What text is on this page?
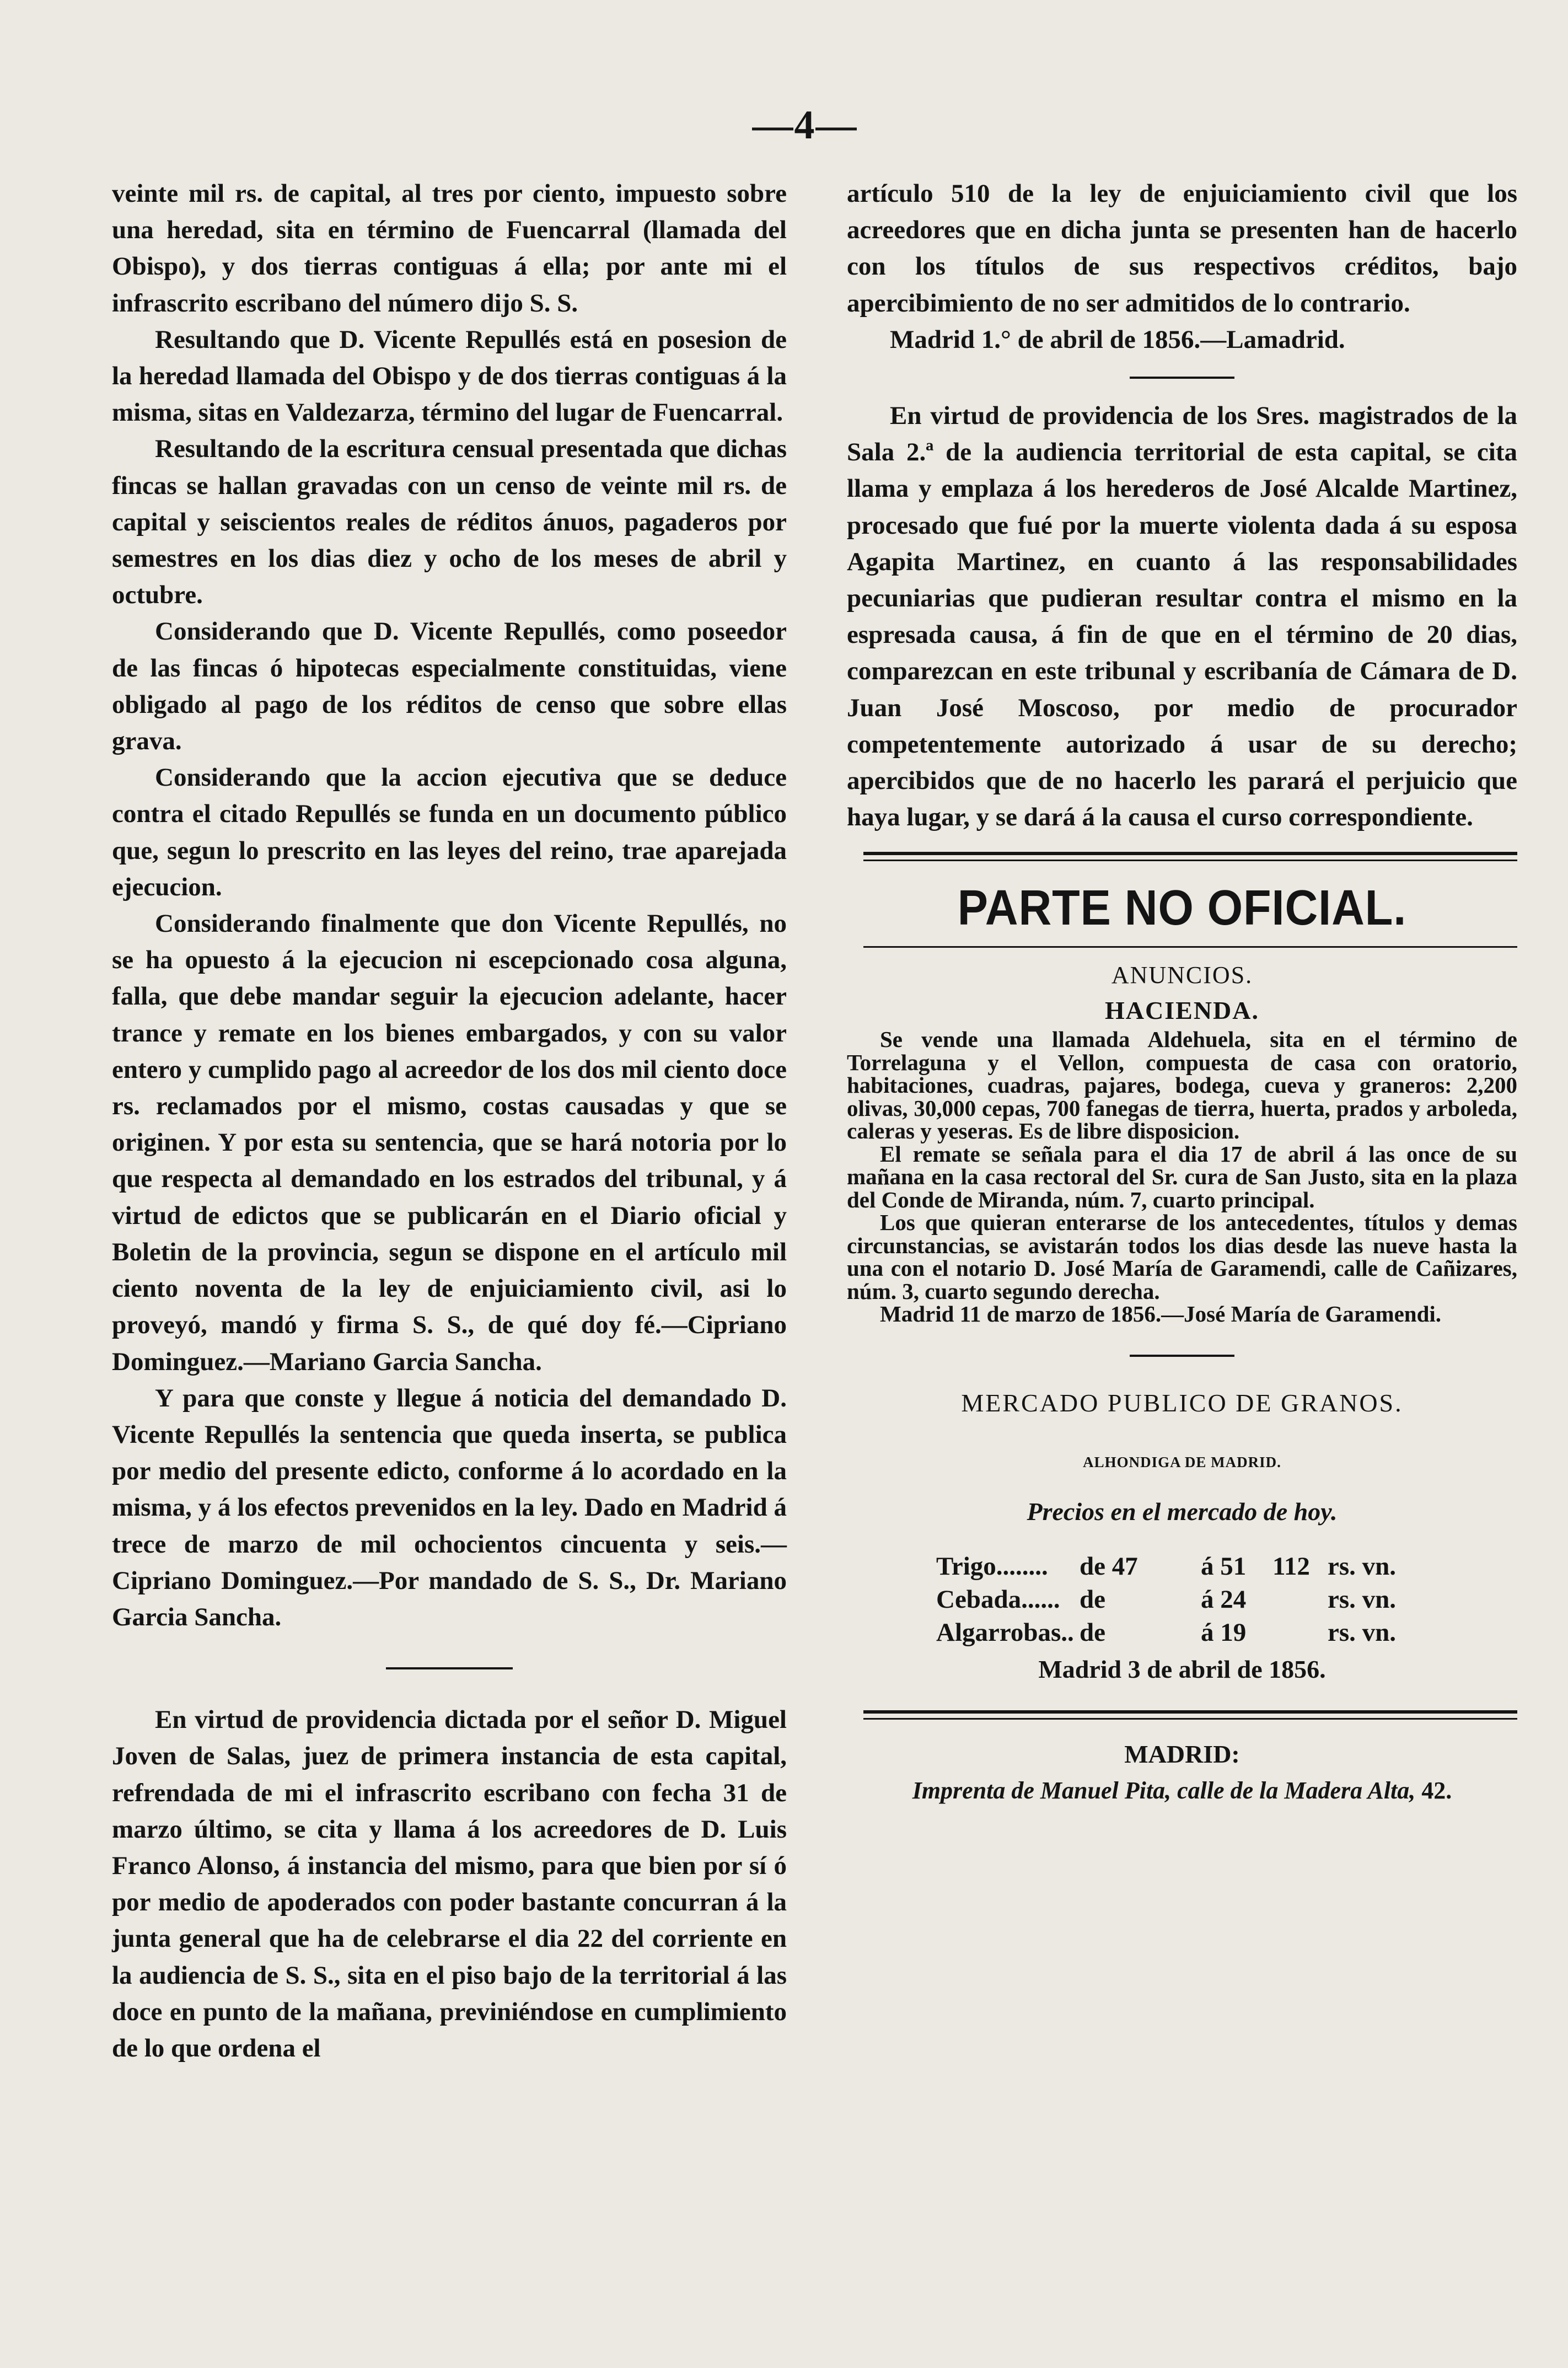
—4—

veinte mil rs. de capital, al tres por ciento, impuesto sobre una heredad, sita en término de Fuencarral (llamada del Obispo), y dos tierras contiguas á ella; por ante mi el infrascrito escribano del número dijo S. S.

Resultando que D. Vicente Repullés está en posesion de la heredad llamada del Obispo y de dos tierras contiguas á la misma, sitas en Valdezarza, término del lugar de Fuencarral.

Resultando de la escritura censual presentada que dichas fincas se hallan gravadas con un censo de veinte mil rs. de capital y seiscientos reales de réditos ánuos, pagaderos por semestres en los dias diez y ocho de los meses de abril y octubre.

Considerando que D. Vicente Repullés, como poseedor de las fincas ó hipotecas especialmente constituidas, viene obligado al pago de los réditos de censo que sobre ellas grava.

Considerando que la accion ejecutiva que se deduce contra el citado Repullés se funda en un documento público que, segun lo prescrito en las leyes del reino, trae aparejada ejecucion.

Considerando finalmente que don Vicente Repullés, no se ha opuesto á la ejecucion ni escepcionado cosa alguna, falla, que debe mandar seguir la ejecucion adelante, hacer trance y remate en los bienes embargados, y con su valor entero y cumplido pago al acreedor de los dos mil ciento doce rs. reclamados por el mismo, costas causadas y que se originen. Y por esta su sentencia, que se hará notoria por lo que respecta al demandado en los estrados del tribunal, y á virtud de edictos que se publicarán en el Diario oficial y Boletin de la provincia, segun se dispone en el artículo mil ciento noventa de la ley de enjuiciamiento civil, asi lo proveyó, mandó y firma S. S., de qué doy fé.—Cipriano Dominguez.—Mariano Garcia Sancha.

Y para que conste y llegue á noticia del demandado D. Vicente Repullés la sentencia que queda inserta, se publica por medio del presente edicto, conforme á lo acordado en la misma, y á los efectos prevenidos en la ley. Dado en Madrid á trece de marzo de mil ochocientos cincuenta y seis.—Cipriano Dominguez.—Por mandado de S. S., Dr. Mariano Garcia Sancha.

En virtud de providencia dictada por el señor D. Miguel Joven de Salas, juez de primera instancia de esta capital, refrendada de mi el infrascrito escribano con fecha 31 de marzo último, se cita y llama á los acreedores de D. Luis Franco Alonso, á instancia del mismo, para que bien por sí ó por medio de apoderados con poder bastante concurran á la junta general que ha de celebrarse el dia 22 del corriente en la audiencia de S. S., sita en el piso bajo de la territorial á las doce en punto de la mañana, previniéndose en cumplimiento de lo que ordena el

artículo 510 de la ley de enjuiciamiento civil que los acreedores que en dicha junta se presenten han de hacerlo con los títulos de sus respectivos créditos, bajo apercibimiento de no ser admitidos de lo contrario.

Madrid 1.° de abril de 1856.—Lamadrid.

En virtud de providencia de los Sres. magistrados de la Sala 2.ª de la audiencia territorial de esta capital, se cita llama y emplaza á los herederos de José Alcalde Martinez, procesado que fué por la muerte violenta dada á su esposa Agapita Martinez, en cuanto á las responsabilidades pecuniarias que pudieran resultar contra el mismo en la espresada causa, á fin de que en el término de 20 dias, comparezcan en este tribunal y escribanía de Cámara de D. Juan José Moscoso, por medio de procurador competentemente autorizado á usar de su derecho; apercibidos que de no hacerlo les parará el perjuicio que haya lugar, y se dará á la causa el curso correspondiente.

PARTE NO OFICIAL.
ANUNCIOS.
HACIENDA.

Se vende una llamada Aldehuela, sita en el término de Torrelaguna y el Vellon, compuesta de casa con oratorio, habitaciones, cuadras, pajares, bodega, cueva y graneros: 2,200 olivas, 30,000 cepas, 700 fanegas de tierra, huerta, prados y arboleda, caleras y yeseras. Es de libre disposicion.

El remate se señala para el dia 17 de abril á las once de su mañana en la casa rectoral del Sr. cura de San Justo, sita en la plaza del Conde de Miranda, núm. 7, cuarto principal.

Los que quieran enterarse de los antecedentes, títulos y demas circunstancias, se avistarán todos los dias desde las nueve hasta la una con el notario D. José María de Garamendi, calle de Cañizares, núm. 3, cuarto segundo derecha.

Madrid 11 de marzo de 1856.—José María de Garamendi.

MERCADO PUBLICO DE GRANOS.
ALHONDIGA DE MADRID.
Precios en el mercado de hoy.
Trigo........	de 47	á 51	112	rs. vn.
Cebada......	de	á 24		rs. vn.
Algarrobas..	de	á 19		rs. vn.
Madrid 3 de abril de 1856.
MADRID:
Imprenta de Manuel Pita, calle de la Madera Alta, 42.
